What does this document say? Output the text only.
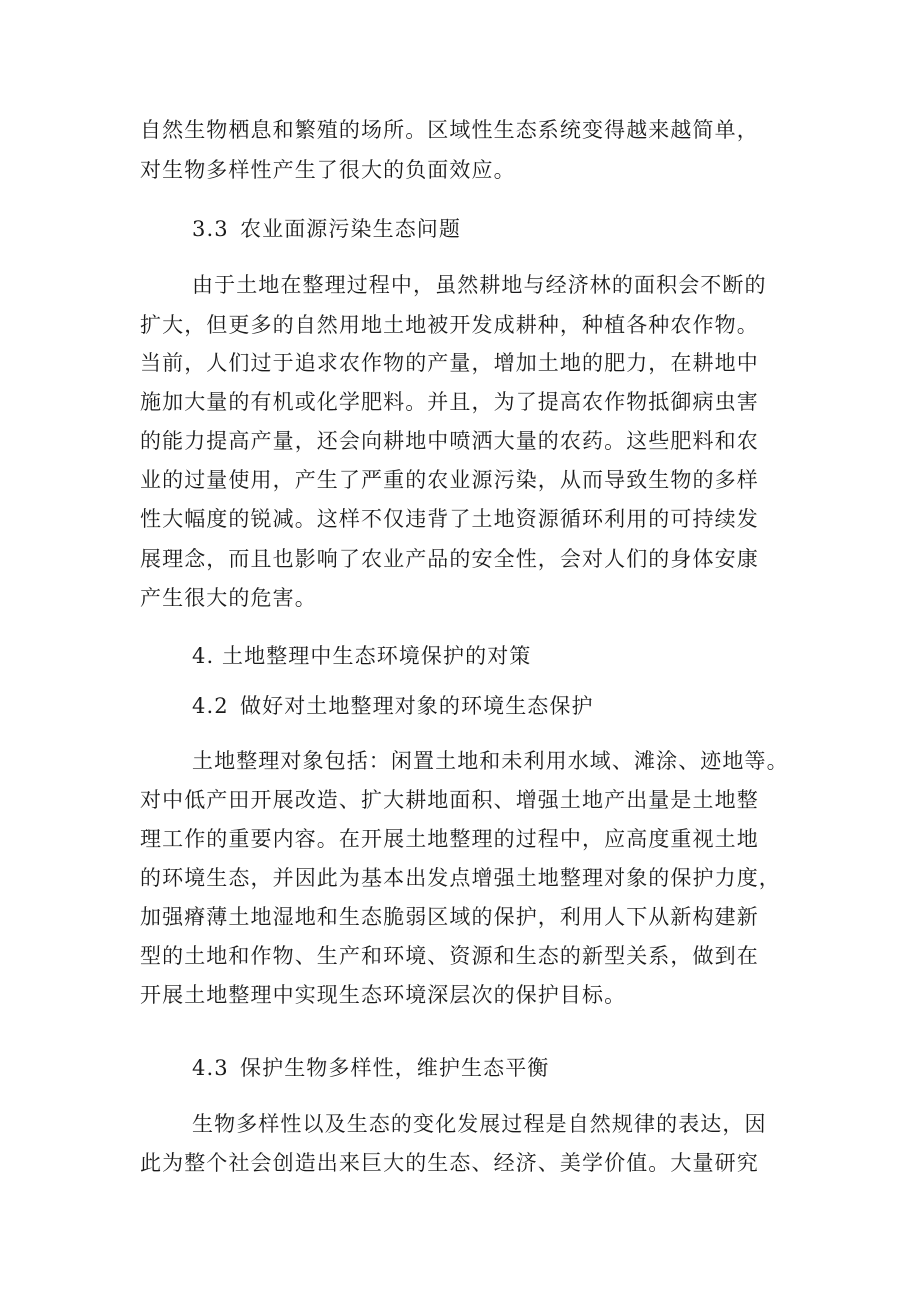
自然生物栖息和繁殖的场所。区域性生态系统变得越来越简单，
对生物多样性产生了很大的负面效应。
3.3 农业面源污染生态问题
由于土地在整理过程中，虽然耕地与经济林的面积会不断的
扩大，但更多的自然用地土地被开发成耕种，种植各种农作物。
当前，人们过于追求农作物的产量，增加土地的肥力，在耕地中
施加大量的有机或化学肥料。并且，为了提高农作物抵御病虫害
的能力提高产量，还会向耕地中喷洒大量的农药。这些肥料和农
业的过量使用，产生了严重的农业源污染，从而导致生物的多样
性大幅度的锐减。这样不仅违背了土地资源循环利用的可持续发
展理念，而且也影响了农业产品的安全性，会对人们的身体安康
产生很大的危害。
4. 土地整理中生态环境保护的对策
4.2 做好对土地整理对象的环境生态保护
土地整理对象包括：闲置土地和未利用水域、滩涂、迹地等。
对中低产田开展改造、扩大耕地面积、增强土地产出量是土地整
理工作的重要内容。在开展土地整理的过程中，应高度重视土地
的环境生态，并因此为基本出发点增强土地整理对象的保护力度，
加强瘠薄土地湿地和生态脆弱区域的保护，利用人下从新构建新
型的土地和作物、生产和环境、资源和生态的新型关系，做到在
开展土地整理中实现生态环境深层次的保护目标。
4.3 保护生物多样性，维护生态平衡
生物多样性以及生态的变化发展过程是自然规律的表达，因
此为整个社会创造出来巨大的生态、经济、美学价值。大量研究
